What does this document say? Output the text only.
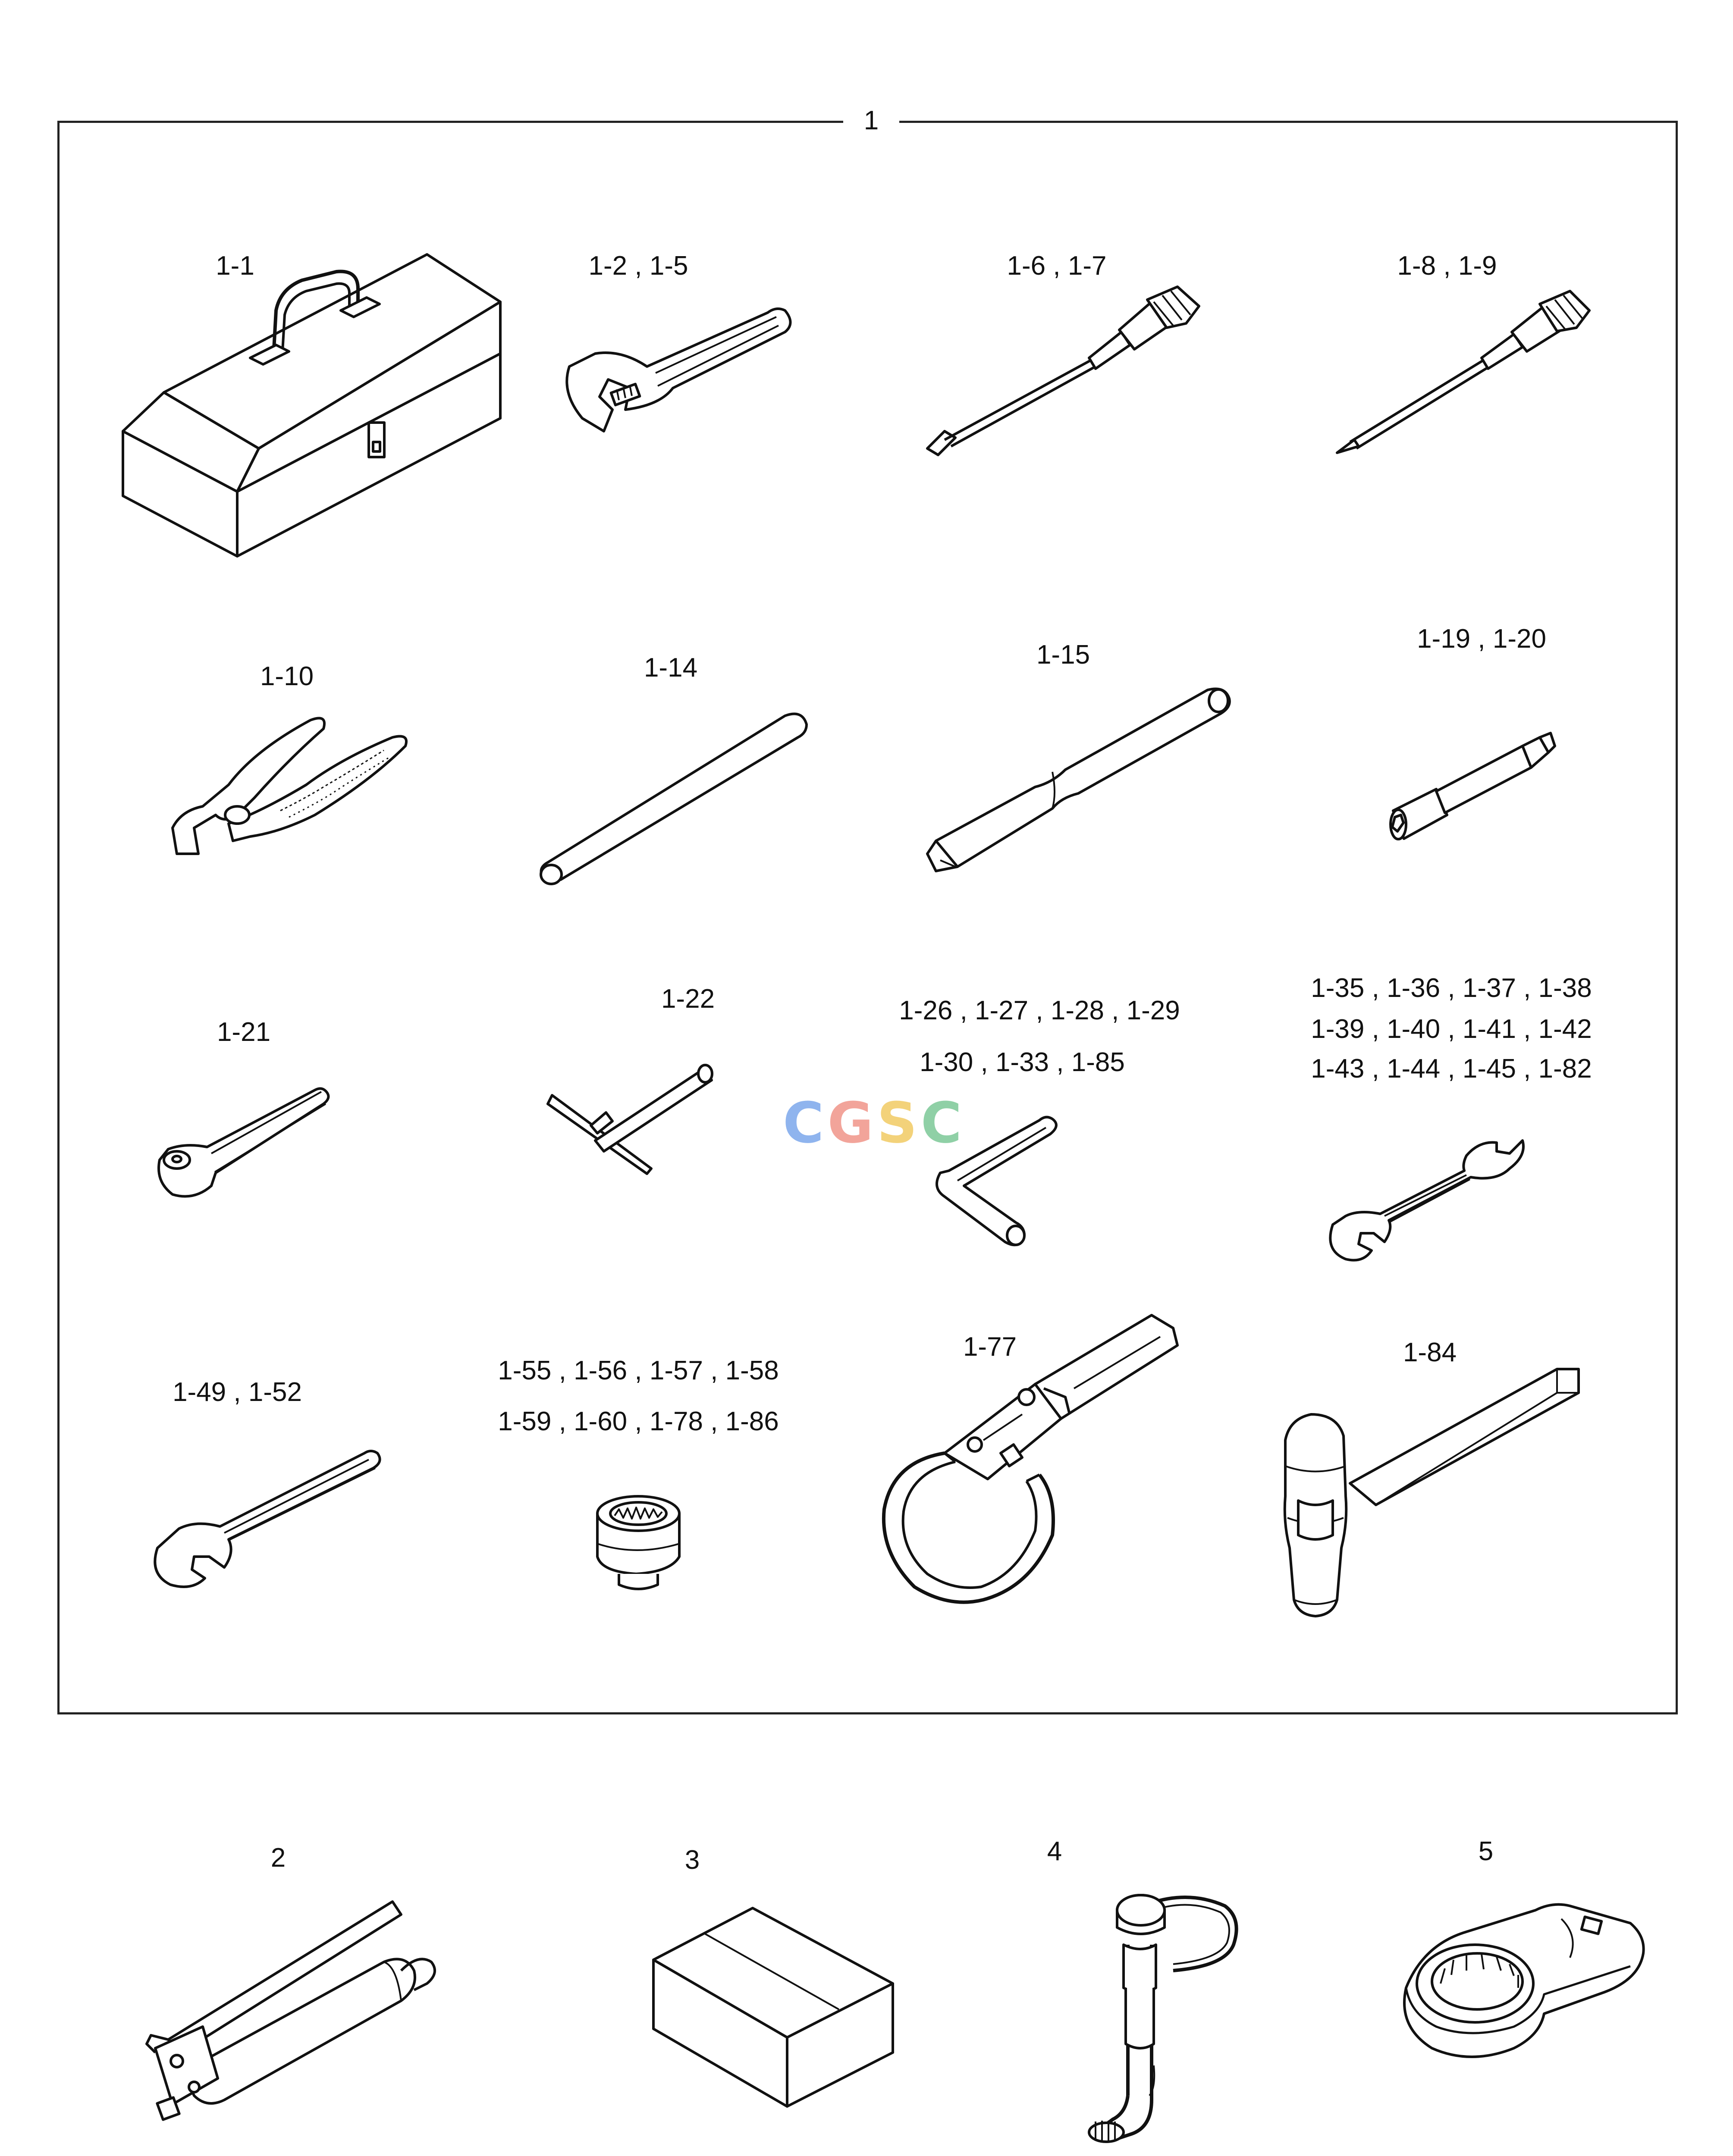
1
1-1	1-2 , 1-5	1-6 , 1-7	1-8 , 1-9
1-10	1-14	1-15
1-19 , 1-20
1-21
1-22	1-26 , 1-27 , 1-28 , 1-29
1-30 , 1-33 , 1-85
1-35 , 1-36 , 1-37 , 1-38
1-39 , 1-40 , 1-41 , 1-42
1-43 , 1-44 , 1-45 , 1-82
1-49 , 1-52
1-55 , 1-56 , 1-57 , 1-58
1-59 , 1-60 , 1-78 , 1-86
1-77	1-84
2	3	4	5
CGSC
